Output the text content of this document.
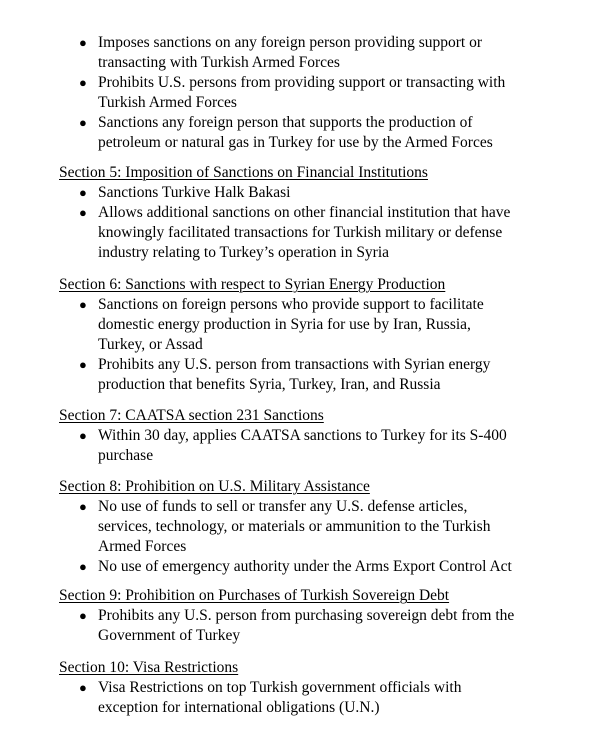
● Imposes sanctions on any foreign person providing support or
transacting with Turkish Armed Forces
● Prohibits U.S. persons from providing support or transacting with
Turkish Armed Forces
● Sanctions any foreign person that supports the production of
petroleum or natural gas in Turkey for use by the Armed Forces
Section 5: Imposition of Sanctions on Financial Institutions
● Sanctions Turkive Halk Bakasi
● Allows additional sanctions on other financial institution that have
knowingly facilitated transactions for Turkish military or defense
industry relating to Turkey’s operation in Syria
Section 6: Sanctions with respect to Syrian Energy Production
● Sanctions on foreign persons who provide support to facilitate
domestic energy production in Syria for use by Iran, Russia,
Turkey, or Assad
● Prohibits any U.S. person from transactions with Syrian energy
production that benefits Syria, Turkey, Iran, and Russia
Section 7: CAATSA section 231 Sanctions
● Within 30 day, applies CAATSA sanctions to Turkey for its S-400
purchase
Section 8: Prohibition on U.S. Military Assistance
● No use of funds to sell or transfer any U.S. defense articles,
services, technology, or materials or ammunition to the Turkish
Armed Forces
● No use of emergency authority under the Arms Export Control Act
Section 9: Prohibition on Purchases of Turkish Sovereign Debt
● Prohibits any U.S. person from purchasing sovereign debt from the
Government of Turkey
Section 10: Visa Restrictions
● Visa Restrictions on top Turkish government officials with
exception for international obligations (U.N.)
